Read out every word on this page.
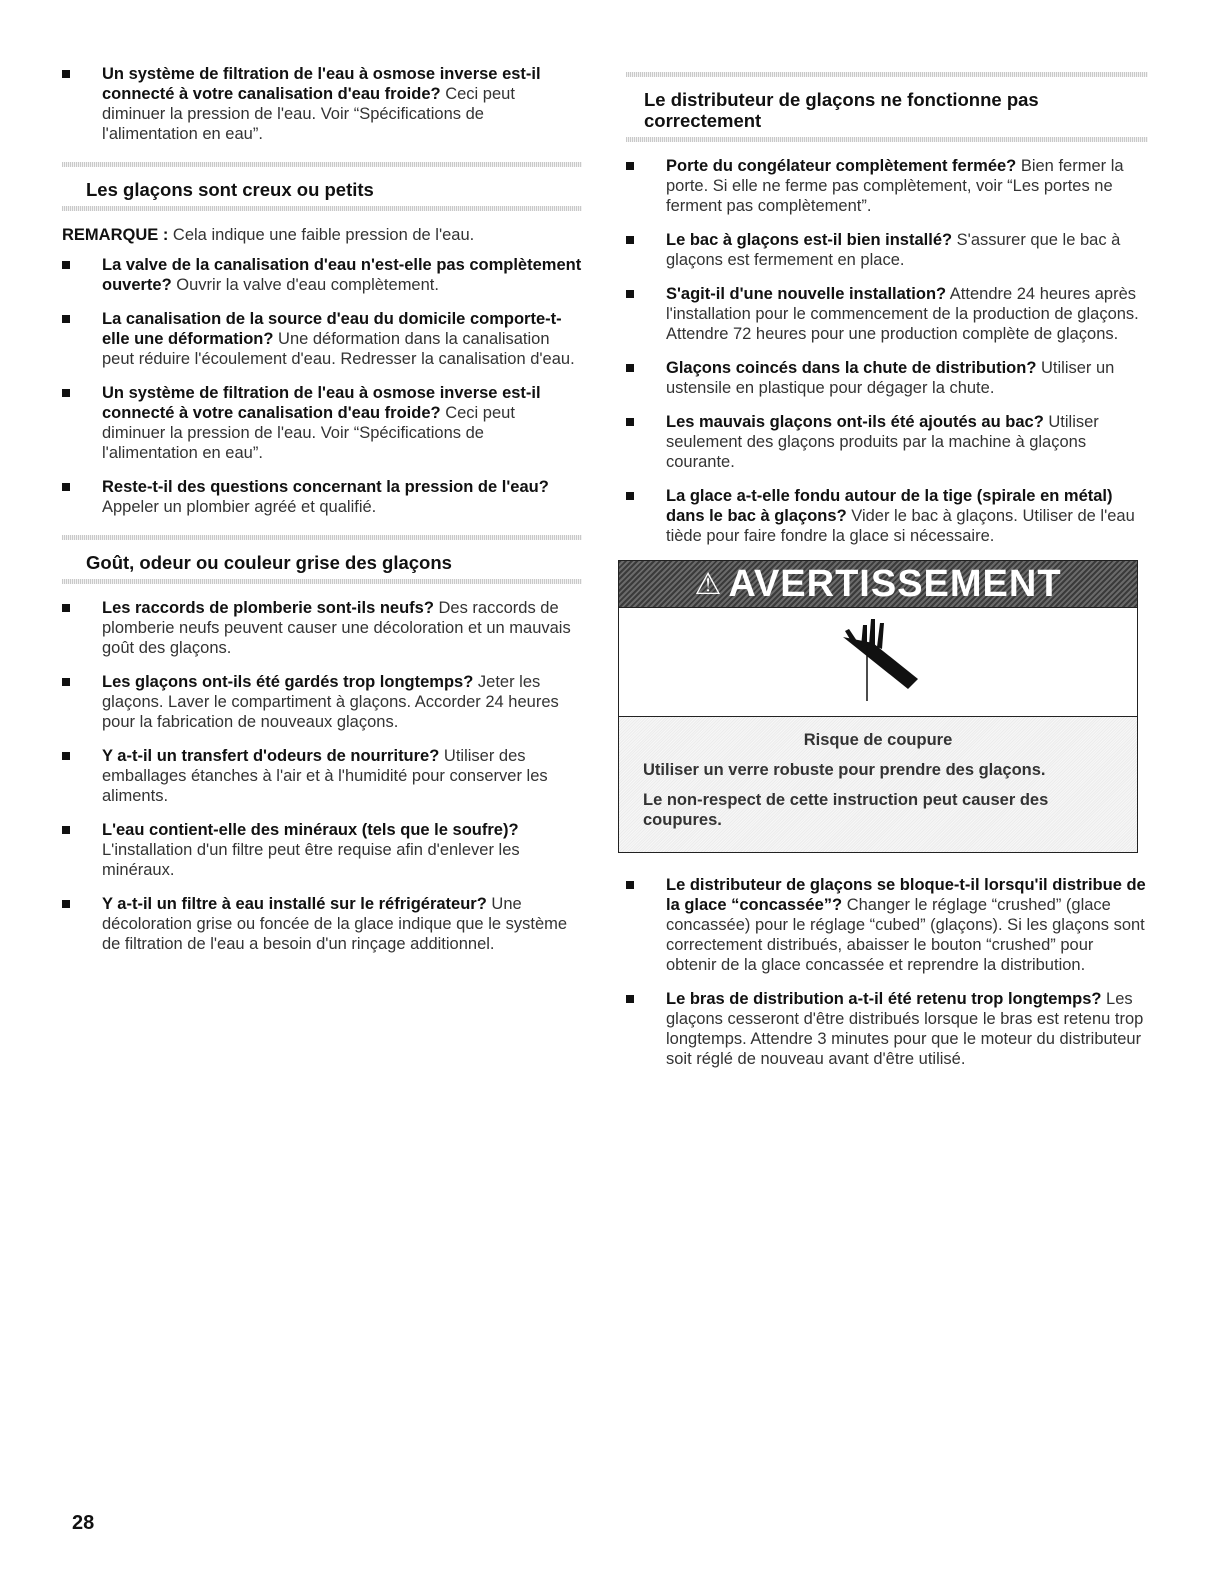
Un système de filtration de l'eau à osmose inverse est-il connecté à votre canalisation d'eau froide? Ceci peut diminuer la pression de l'eau. Voir “Spécifications de l'alimentation en eau”.
Les glaçons sont creux ou petits

REMARQUE : Cela indique une faible pression de l'eau.

La valve de la canalisation d'eau n'est-elle pas complètement ouverte? Ouvrir la valve d'eau complètement.
La canalisation de la source d'eau du domicile comporte-t-elle une déformation? Une déformation dans la canalisation peut réduire l'écoulement d'eau. Redresser la canalisation d'eau.
Un système de filtration de l'eau à osmose inverse est-il connecté à votre canalisation d'eau froide? Ceci peut diminuer la pression de l'eau. Voir “Spécifications de l'alimentation en eau”.
Reste-t-il des questions concernant la pression de l'eau? Appeler un plombier agréé et qualifié.
Goût, odeur ou couleur grise des glaçons
Les raccords de plomberie sont-ils neufs? Des raccords de plomberie neufs peuvent causer une décoloration et un mauvais goût des glaçons.
Les glaçons ont-ils été gardés trop longtemps? Jeter les glaçons. Laver le compartiment à glaçons. Accorder 24 heures pour la fabrication de nouveaux glaçons.
Y a-t-il un transfert d'odeurs de nourriture? Utiliser des emballages étanches à l'air et à l'humidité pour conserver les aliments.
L'eau contient-elle des minéraux (tels que le soufre)? L'installation d'un filtre peut être requise afin d'enlever les minéraux.
Y a-t-il un filtre à eau installé sur le réfrigérateur? Une décoloration grise ou foncée de la glace indique que le système de filtration de l'eau a besoin d'un rinçage additionnel.
Le distributeur de glaçons ne fonctionne pas correctement
Porte du congélateur complètement fermée? Bien fermer la porte. Si elle ne ferme pas complètement, voir “Les portes ne ferment pas complètement”.
Le bac à glaçons est-il bien installé? S'assurer que le bac à glaçons est fermement en place.
S'agit-il d'une nouvelle installation? Attendre 24 heures après l'installation pour le commencement de la production de glaçons. Attendre 72 heures pour une production complète de glaçons.
Glaçons coincés dans la chute de distribution? Utiliser un ustensile en plastique pour dégager la chute.
Les mauvais glaçons ont-ils été ajoutés au bac? Utiliser seulement des glaçons produits par la machine à glaçons courante.
La glace a-t-elle fondu autour de la tige (spirale en métal) dans le bac à glaçons? Vider le bac à glaçons. Utiliser de l'eau tiède pour faire fondre la glace si nécessaire.
⚠ AVERTISSEMENT
Risque de coupure
Utiliser un verre robuste pour prendre des glaçons.
Le non-respect de cette instruction peut causer des coupures.
Le distributeur de glaçons se bloque-t-il lorsqu'il distribue de la glace “concassée”? Changer le réglage “crushed” (glace concassée) pour le réglage “cubed” (glaçons). Si les glaçons sont correctement distribués, abaisser le bouton “crushed” pour obtenir de la glace concassée et reprendre la distribution.
Le bras de distribution a-t-il été retenu trop longtemps? Les glaçons cesseront d'être distribués lorsque le bras est retenu trop longtemps. Attendre 3 minutes pour que le moteur du distributeur soit réglé de nouveau avant d'être utilisé.
28
